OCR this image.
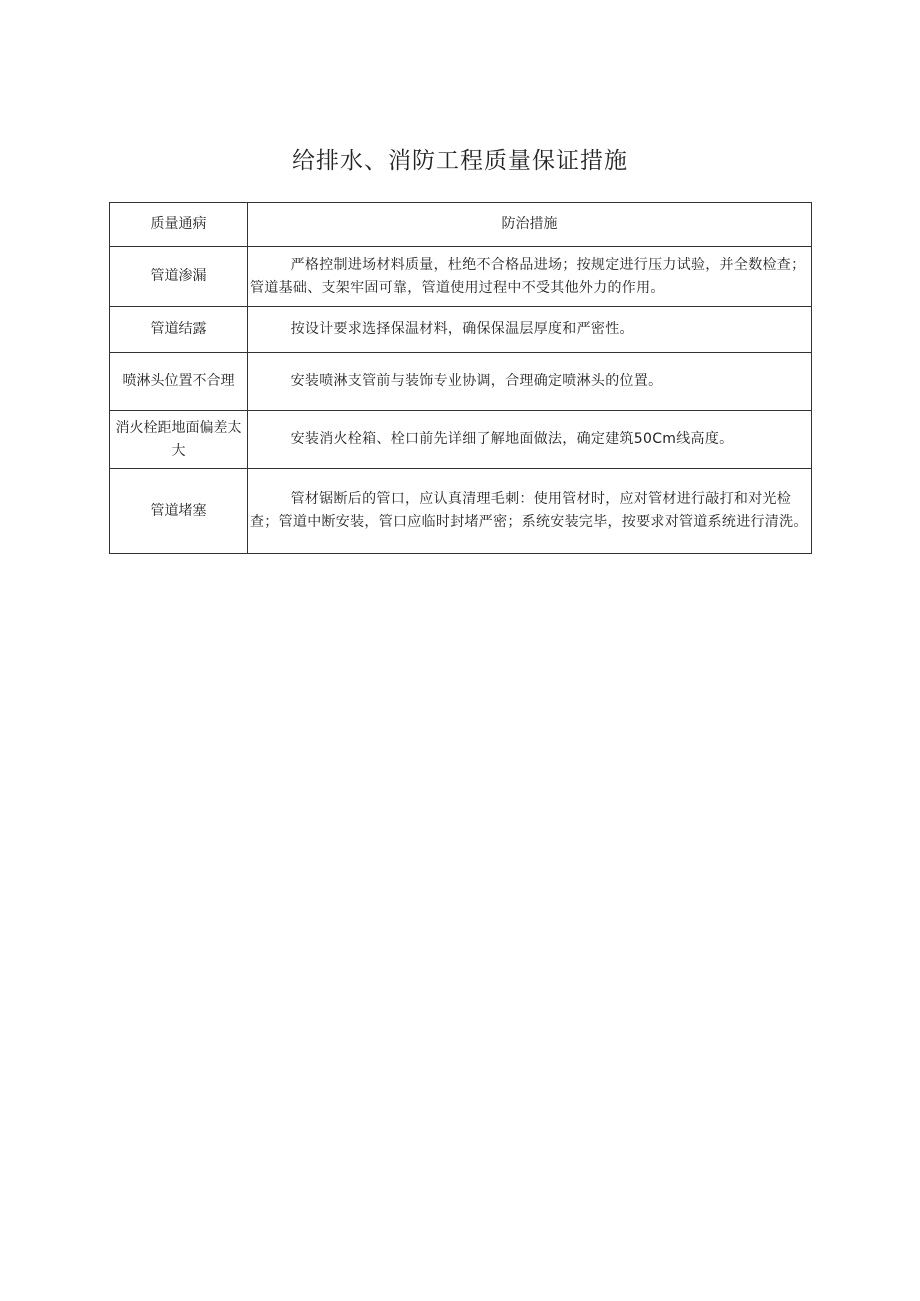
给排水、消防工程质量保证措施
质量通病	防治措施
管道渗漏	严格控制进场材料质量，杜绝不合格品进场；按规定进行压力试验，并全数检查；管道基础、支架牢固可靠，管道使用过程中不受其他外力的作用。
管道结露	按设计要求选择保温材料，确保保温层厚度和严密性。
喷淋头位置不合理	安装喷淋支管前与装饰专业协调，合理确定喷淋头的位置。
消火栓距地面偏差太大	安装消火栓箱、栓口前先详细了解地面做法，确定建筑50Cm线高度。
管道堵塞	管材锯断后的管口，应认真清理毛刺：使用管材时，应对管材进行敲打和对光检查；管道中断安装，管口应临时封堵严密；系统安装完毕，按要求对管道系统进行清洗。
